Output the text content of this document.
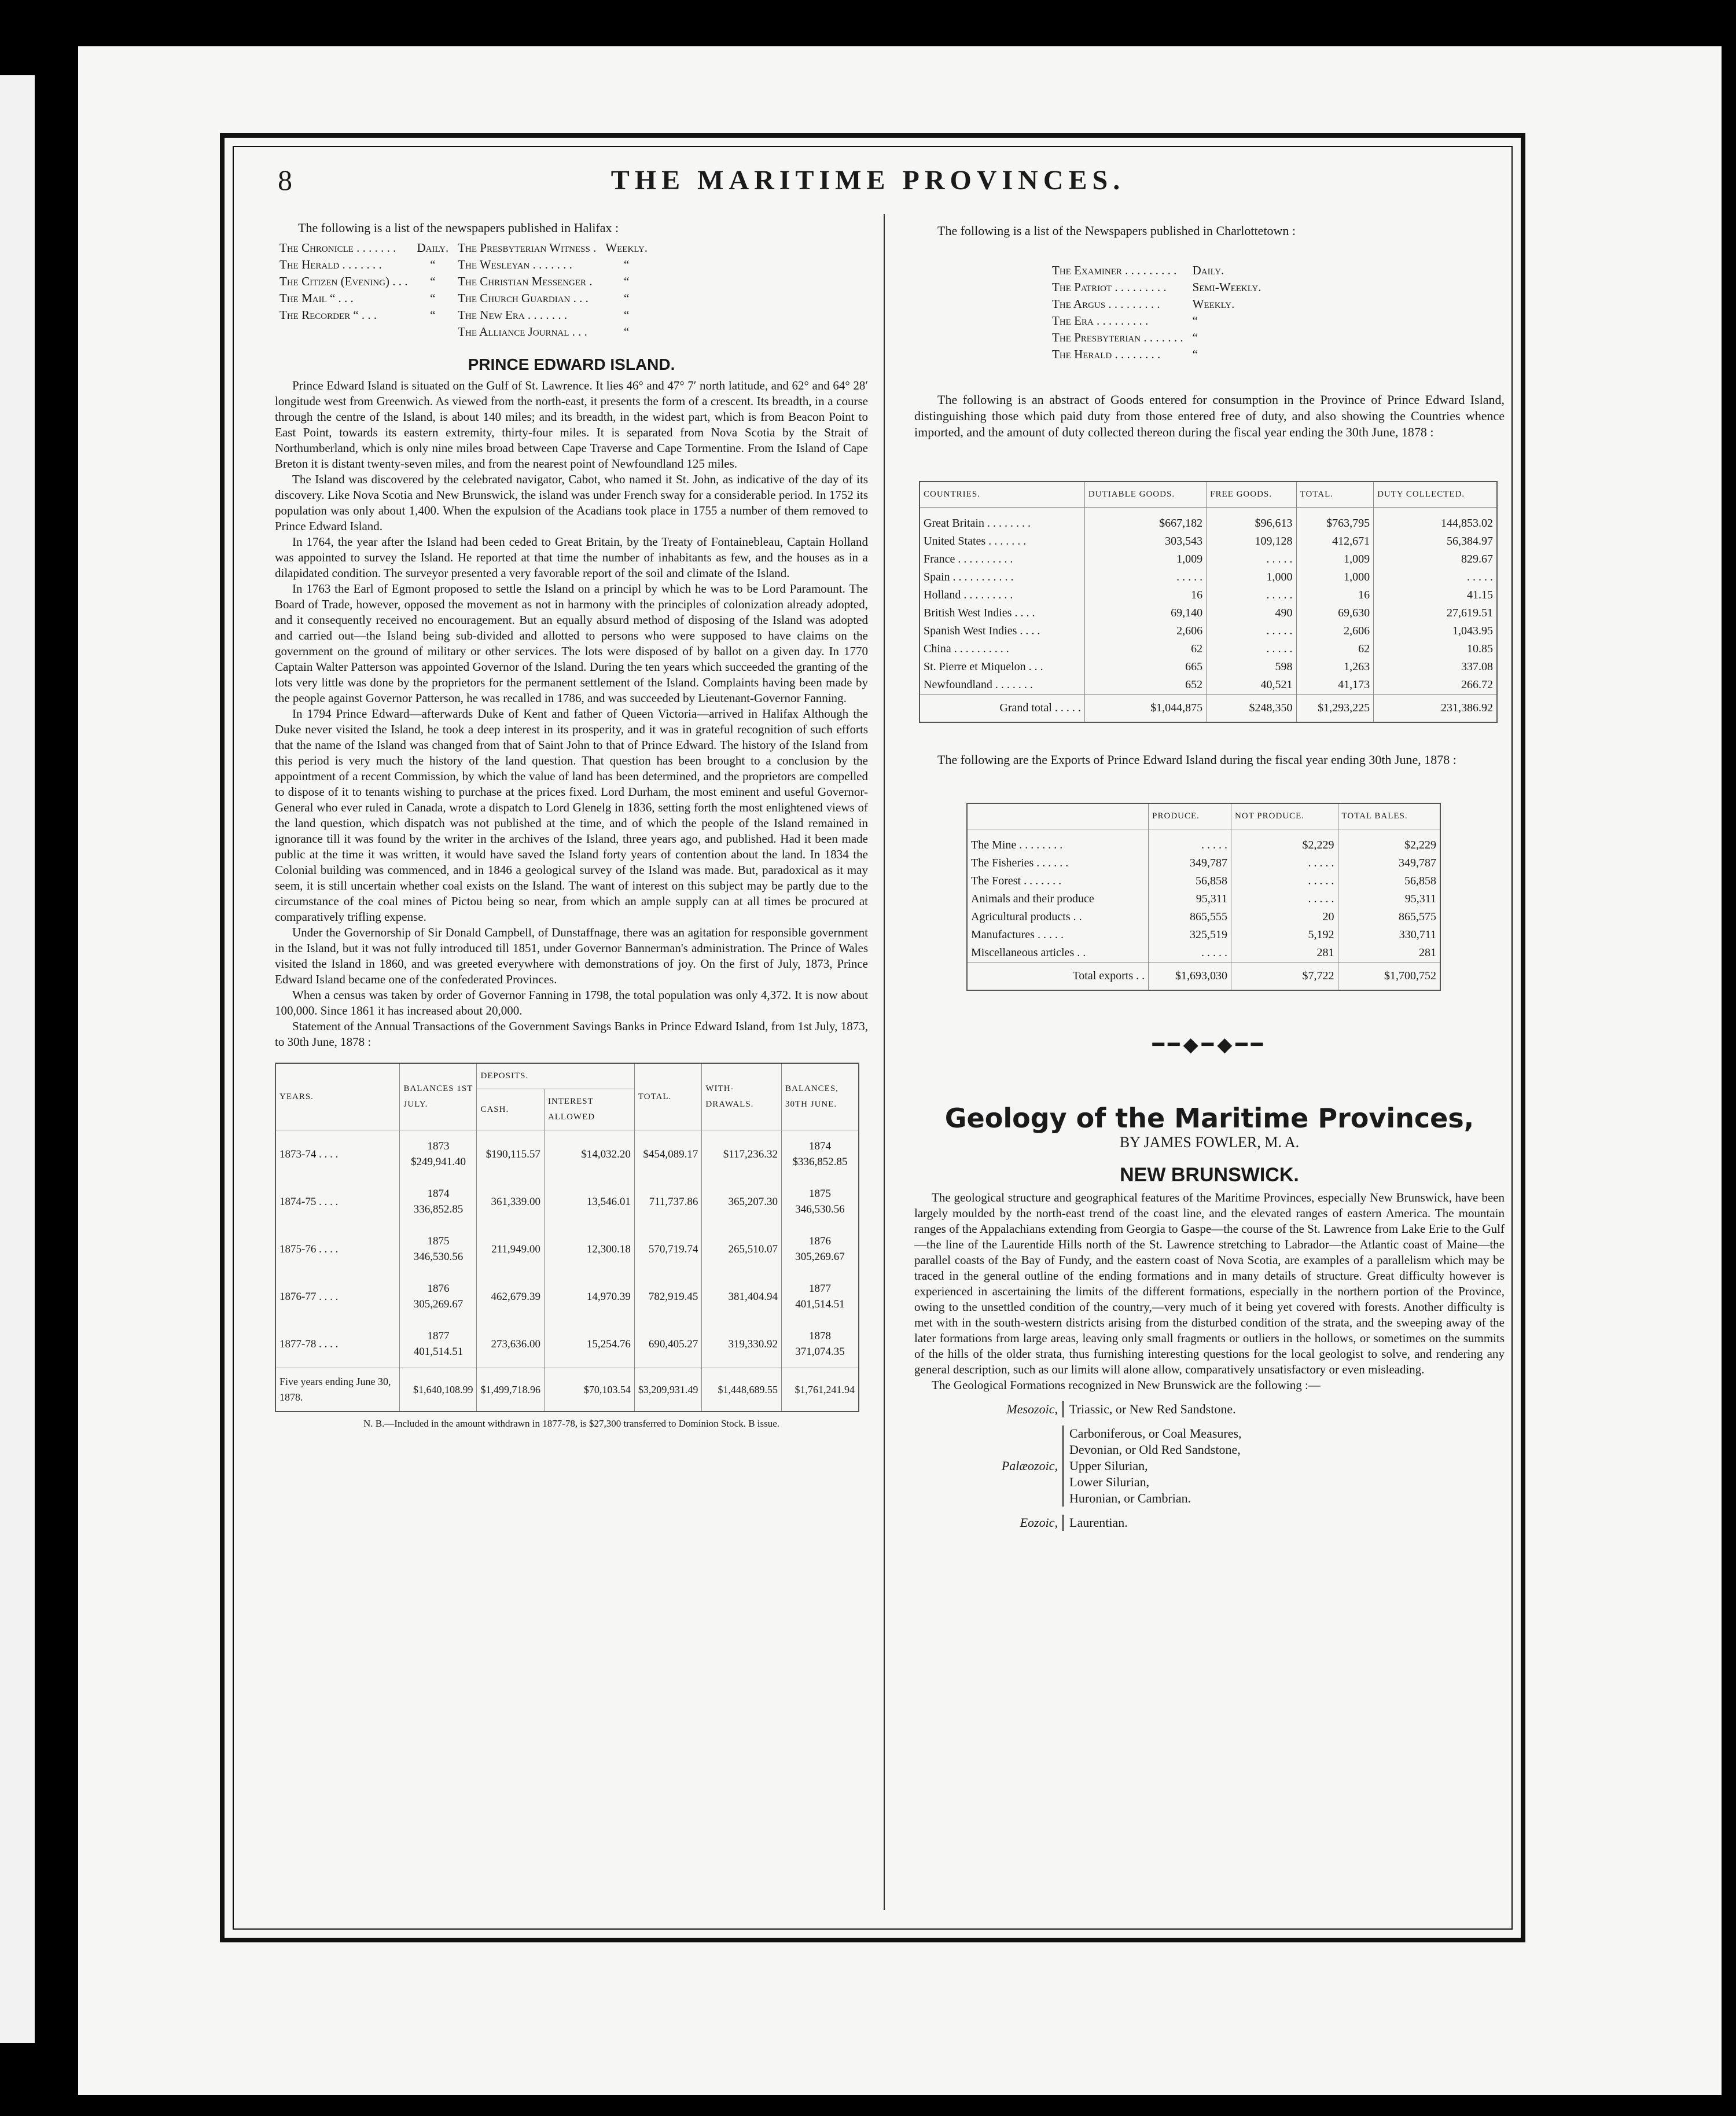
8	THE MARITIME PROVINCES.
The following is a list of the newspapers published in Halifax :
The Chronicle . . . . . . .	Daily.	The Presbyterian Witness .	Weekly.
The Herald . . . . . . .	“	The Wesleyan . . . . . . .	“
The Citizen (Evening) . . .	“	The Christian Messenger .	“
The Mail “ . . .	“	The Church Guardian . . .	“
The Recorder “ . . .	“	The New Era . . . . . . .	“
		The Alliance Journal . . .	“
PRINCE EDWARD ISLAND.

Prince Edward Island is situated on the Gulf of St. Lawrence. It lies 46° and 47° 7′ north latitude, and 62° and 64° 28′ longitude west from Greenwich. As viewed from the north-east, it presents the form of a crescent. Its breadth, in a course through the centre of the Island, is about 140 miles; and its breadth, in the widest part, which is from Beacon Point to East Point, towards its eastern extremity, thirty-four miles. It is separated from Nova Scotia by the Strait of Northumberland, which is only nine miles broad between Cape Traverse and Cape Tormentine. From the Island of Cape Breton it is distant twenty-seven miles, and from the nearest point of Newfoundland 125 miles.

The Island was discovered by the celebrated navigator, Cabot, who named it St. John, as indicative of the day of its discovery. Like Nova Scotia and New Brunswick, the island was under French sway for a considerable period. In 1752 its population was only about 1,400. When the expulsion of the Acadians took place in 1755 a number of them removed to Prince Edward Island.

In 1764, the year after the Island had been ceded to Great Britain, by the Treaty of Fontainebleau, Captain Holland was appointed to survey the Island. He reported at that time the number of inhabitants as few, and the houses as in a dilapidated condition. The surveyor presented a very favorable report of the soil and climate of the Island.

In 1763 the Earl of Egmont proposed to settle the Island on a principl by which he was to be Lord Paramount. The Board of Trade, however, opposed the movement as not in harmony with the principles of colonization already adopted, and it consequently received no encouragement. But an equally absurd method of disposing of the Island was adopted and carried out—the Island being sub-divided and allotted to persons who were supposed to have claims on the government on the ground of military or other services. The lots were disposed of by ballot on a given day. In 1770 Captain Walter Patterson was appointed Governor of the Island. During the ten years which succeeded the granting of the lots very little was done by the proprietors for the permanent settlement of the Island. Complaints having been made by the people against Governor Patterson, he was recalled in 1786, and was succeeded by Lieutenant-Governor Fanning.

In 1794 Prince Edward—afterwards Duke of Kent and father of Queen Victoria—arrived in Halifax Although the Duke never visited the Island, he took a deep interest in its prosperity, and it was in grateful recognition of such efforts that the name of the Island was changed from that of Saint John to that of Prince Edward. The history of the Island from this period is very much the history of the land question. That question has been brought to a conclusion by the appointment of a recent Commission, by which the value of land has been determined, and the proprietors are compelled to dispose of it to tenants wishing to purchase at the prices fixed. Lord Durham, the most eminent and useful Governor-General who ever ruled in Canada, wrote a dispatch to Lord Glenelg in 1836, setting forth the most enlightened views of the land question, which dispatch was not published at the time, and of which the people of the Island remained in ignorance till it was found by the writer in the archives of the Island, three years ago, and published. Had it been made public at the time it was written, it would have saved the Island forty years of contention about the land. In 1834 the Colonial building was commenced, and in 1846 a geological survey of the Island was made. But, paradoxical as it may seem, it is still uncertain whether coal exists on the Island. The want of interest on this subject may be partly due to the circumstance of the coal mines of Pictou being so near, from which an ample supply can at all times be procured at comparatively trifling expense.

Under the Governorship of Sir Donald Campbell, of Dunstaffnage, there was an agitation for responsible government in the Island, but it was not fully introduced till 1851, under Governor Bannerman's administration. The Prince of Wales visited the Island in 1860, and was greeted everywhere with demonstrations of joy. On the first of July, 1873, Prince Edward Island became one of the confederated Provinces.

When a census was taken by order of Governor Fanning in 1798, the total population was only 4,372. It is now about 100,000. Since 1861 it has increased about 20,000.

Statement of the Annual Transactions of the Government Savings Banks in Prince Edward Island, from 1st July, 1873, to 30th June, 1878 :

YEARS.	BALANCES 1ST JULY.	DEPOSITS.		TOTAL.	WITH-DRAWALS.	BALANCES, 30TH JUNE.
		CASH.	INTEREST ALLOWED			
1873-74 . . . .	1873 $249,941.40	$190,115.57	$14,032.20	$454,089.17	$117,236.32	1874 $336,852.85
1874-75 . . . .	1874 336,852.85	361,339.00	13,546.01	711,737.86	365,207.30	1875 346,530.56
1875-76 . . . .	1875 346,530.56	211,949.00	12,300.18	570,719.74	265,510.07	1876 305,269.67
1876-77 . . . .	1876 305,269.67	462,679.39	14,970.39	782,919.45	381,404.94	1877 401,514.51
1877-78 . . . .	1877 401,514.51	273,636.00	15,254.76	690,405.27	319,330.92	1878 371,074.35
Five years ending June 30, 1878.	$1,640,108.99	$1,499,718.96	$70,103.54	$3,209,931.49	$1,448,689.55	$1,761,241.94
N. B.—Included in the amount withdrawn in 1877-78, is $27,300 transferred to Dominion Stock. B issue.
The following is a list of the Newspapers published in Charlottetown :
The Examiner . . . . . . . . .	Daily.
The Patriot . . . . . . . . .	Semi-Weekly.
The Argus . . . . . . . . .	Weekly.
The Era . . . . . . . . .	“
The Presbyterian . . . . . . .	“
The Herald . . . . . . . .	“
The following is an abstract of Goods entered for consumption in the Province of Prince Edward Island, distinguishing those which paid duty from those entered free of duty, and also showing the Countries whence imported, and the amount of duty collected thereon during the fiscal year ending the 30th June, 1878 :
COUNTRIES.	DUTIABLE GOODS.	FREE GOODS.	TOTAL.	DUTY COLLECTED.
Great Britain . . . . . . . .	$667,182	$96,613	$763,795	144,853.02
United States . . . . . . .	303,543	109,128	412,671	56,384.97
France . . . . . . . . . .	1,009	. . . . .	1,009	829.67
Spain . . . . . . . . . . .	. . . . .	1,000	1,000	. . . . .
Holland . . . . . . . . .	16	. . . . .	16	41.15
British West Indies . . . .	69,140	490	69,630	27,619.51
Spanish West Indies . . . .	2,606	. . . . .	2,606	1,043.95
China . . . . . . . . . .	62	. . . . .	62	10.85
St. Pierre et Miquelon . . .	665	598	1,263	337.08
Newfoundland . . . . . . .	652	40,521	41,173	266.72
Grand total . . . . .	$1,044,875	$248,350	$1,293,225	231,386.92
The following are the Exports of Prince Edward Island during the fiscal year ending 30th June, 1878 :
	PRODUCE.	NOT PRODUCE.	TOTAL BALES.
The Mine . . . . . . . .	. . . . .	$2,229	$2,229
The Fisheries . . . . . .	349,787	. . . . .	349,787
The Forest . . . . . . .	56,858	. . . . .	56,858
Animals and their produce	95,311	. . . . .	95,311
Agricultural products . .	865,555	20	865,575
Manufactures . . . . .	325,519	5,192	330,711
Miscellaneous articles . .	. . . . .	281	281
Total exports . .	$1,693,030	$7,722	$1,700,752
━━◆━◆━━
Geology of the Maritime Provinces,
BY JAMES FOWLER, M. A.
NEW BRUNSWICK.

The geological structure and geographical features of the Maritime Provinces, especially New Brunswick, have been largely moulded by the north-east trend of the coast line, and the elevated ranges of eastern America. The mountain ranges of the Appalachians extending from Georgia to Gaspe—the course of the St. Lawrence from Lake Erie to the Gulf—the line of the Laurentide Hills north of the St. Lawrence stretching to Labrador—the Atlantic coast of Maine—the parallel coasts of the Bay of Fundy, and the eastern coast of Nova Scotia, are examples of a parallelism which may be traced in the general outline of the ending formations and in many details of structure. Great difficulty however is experienced in ascertaining the limits of the different formations, especially in the northern portion of the Province, owing to the unsettled condition of the country,—very much of it being yet covered with forests. Another difficulty is met with in the south-western districts arising from the disturbed condition of the strata, and the sweeping away of the later formations from large areas, leaving only small fragments or outliers in the hollows, or sometimes on the summits of the hills of the older strata, thus furnishing interesting questions for the local geologist to solve, and rendering any general description, such as our limits will alone allow, comparatively unsatisfactory or even misleading.

The Geological Formations recognized in New Brunswick are the following :—

Mesozoic,	Triassic, or New Red Sandstone.

Palæozoic,	Carboniferous, or Coal Measures,
Devonian, or Old Red Sandstone,
Upper Silurian,
Lower Silurian,
Huronian, or Cambrian.

Eozoic,	Laurentian.
